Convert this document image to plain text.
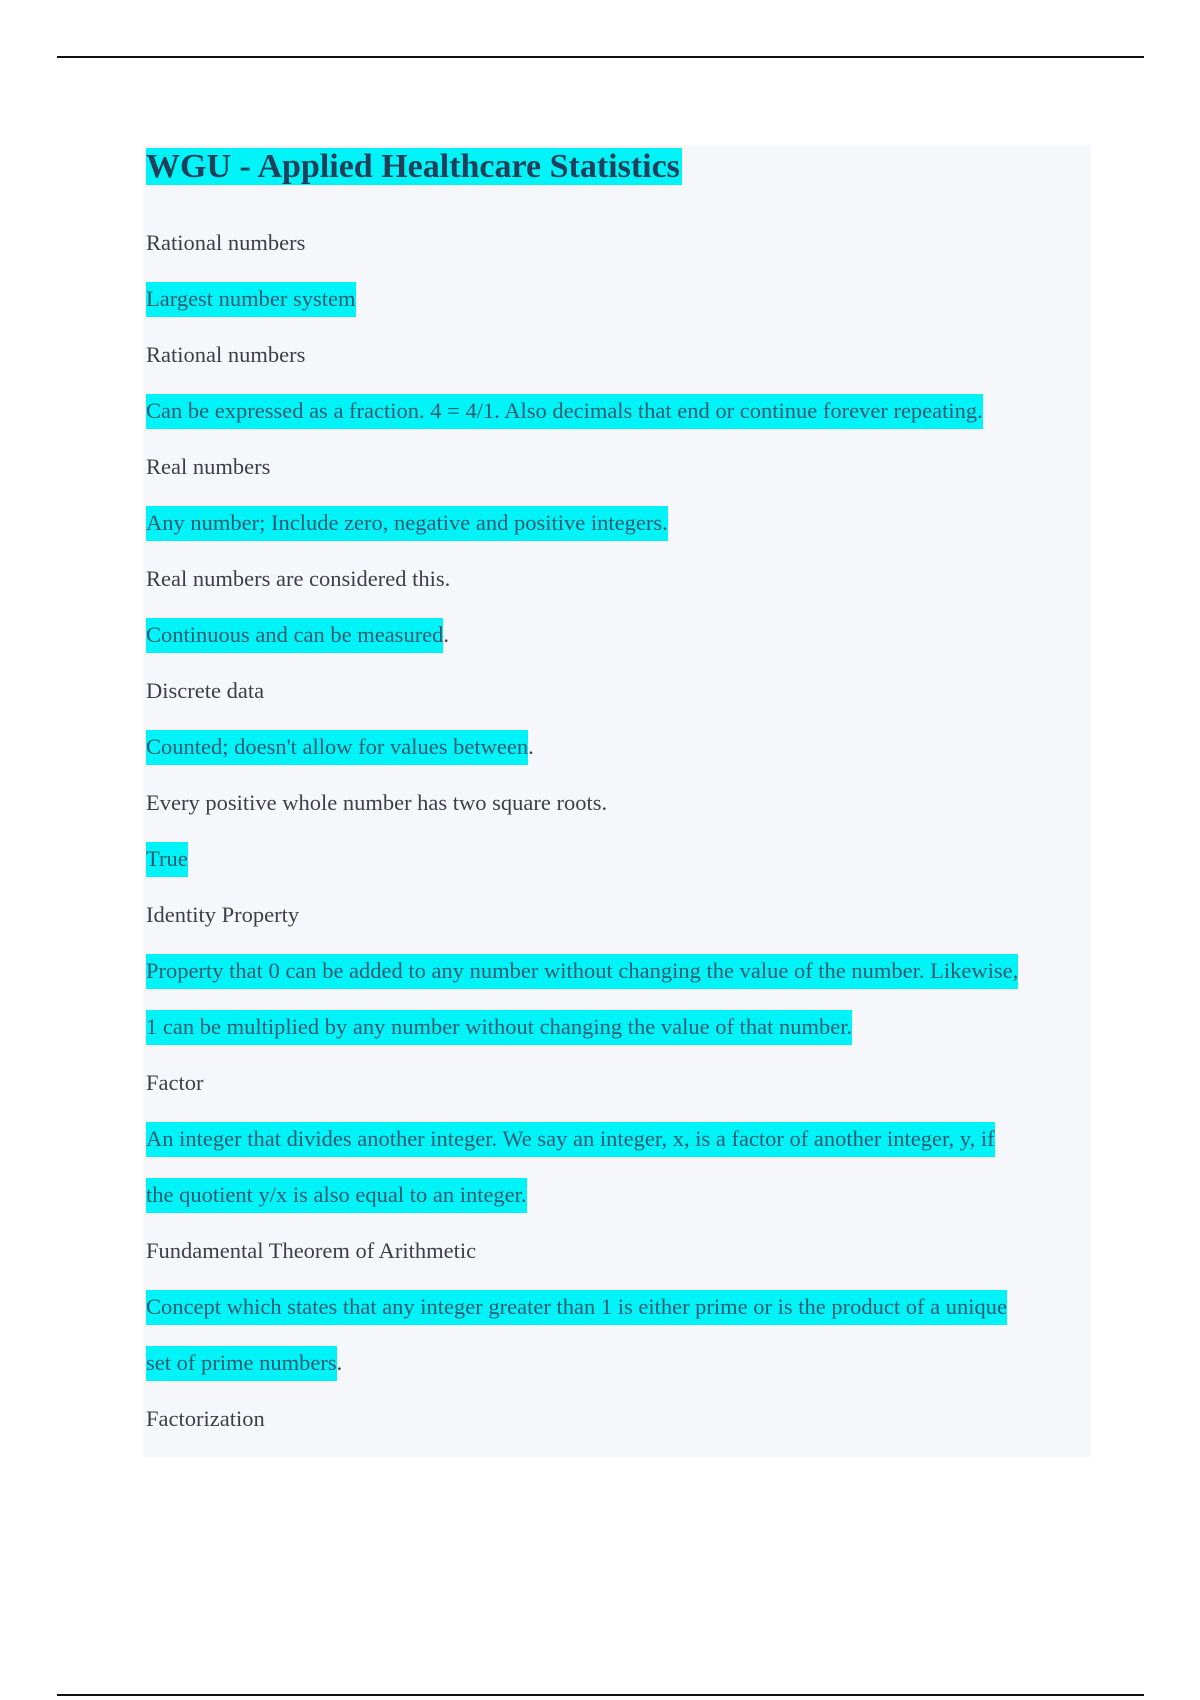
WGU - Applied Healthcare Statistics
Rational numbers
Largest number system
Rational numbers
Can be expressed as a fraction. 4 = 4/1. Also decimals that end or continue forever repeating.
Real numbers
Any number; Include zero, negative and positive integers.
Real numbers are considered this.
Continuous and can be measured.
Discrete data
Counted; doesn't allow for values between.
Every positive whole number has two square roots.
True
Identity Property
Property that 0 can be added to any number without changing the value of the number. Likewise,
1 can be multiplied by any number without changing the value of that number.
Factor
An integer that divides another integer. We say an integer, x, is a factor of another integer, y, if
the quotient y/x is also equal to an integer.
Fundamental Theorem of Arithmetic
Concept which states that any integer greater than 1 is either prime or is the product of a unique
set of prime numbers.
Factorization
